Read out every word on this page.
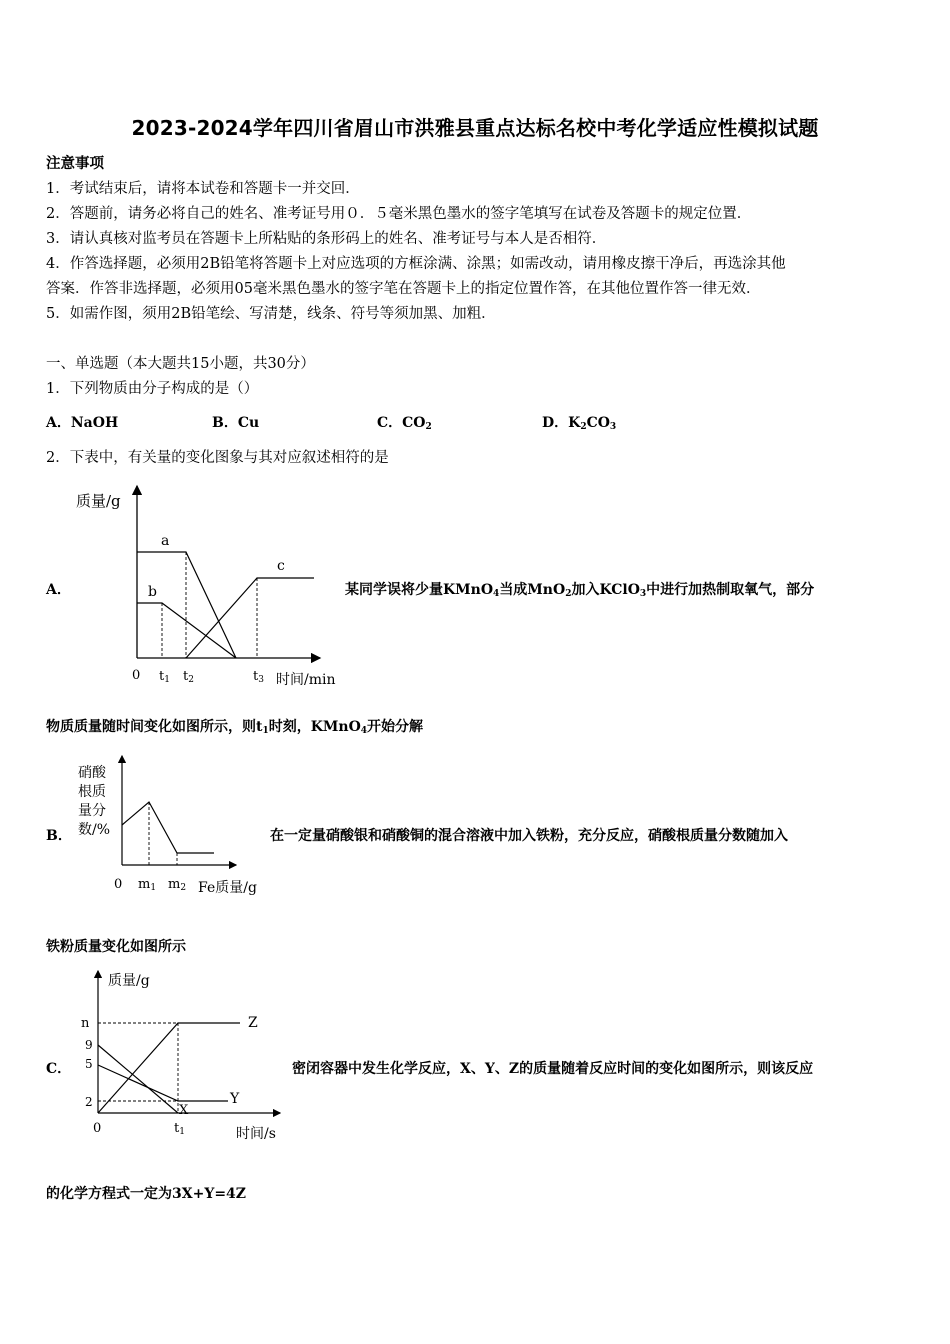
2023-2024学年四川省眉山市洪雅县重点达标名校中考化学适应性模拟试题
注意事项
1．考试结束后，请将本试卷和答题卡一并交回．
2．答题前，请务必将自己的姓名、准考证号用０．５毫米黑色墨水的签字笔填写在试卷及答题卡的规定位置．
3．请认真核对监考员在答题卡上所粘贴的条形码上的姓名、准考证号与本人是否相符．
4．作答选择题，必须用2B铅笔将答题卡上对应选项的方框涂满、涂黑；如需改动，请用橡皮擦干净后，再选涂其他
答案．作答非选择题，必须用05毫米黑色墨水的签字笔在答题卡上的指定位置作答，在其他位置作答一律无效．
5．如需作图，须用2B铅笔绘、写清楚，线条、符号等须加黑、加粗．
一、单选题（本大题共15小题，共30分）
1．下列物质由分子构成的是（）
A．NaOH	B．Cu	C．$CO_2$	D．$K_2CO_3$
2．下表中，有关量的变化图象与其对应叙述相符的是
A．
质量/g
时间/min
0 t1 t2	t3
a
b
c
某同学误将少量KMnO$_4$当成MnO$_2$加入KClO$_3$中进行加热制取氧气，部分
物质质量随时间变化如图所示，则$t_1$时刻，KMnO$_4$开始分解
B．
硝酸
根质
量分
数/%
0 m1 m2 Fe质量/g
在一定量硝酸银和硝酸铜的混合溶液中加入铁粉，充分反应，硝酸根质量分数随加入
铁粉质量变化如图所示
C．
质量/g
时间/s
0	t1
n
9
5
2
Z
Y
X
密闭容器中发生化学反应，X、Y、Z的质量随着反应时间的变化如图所示，则该反应
的化学方程式一定为3X+Y=4Z
